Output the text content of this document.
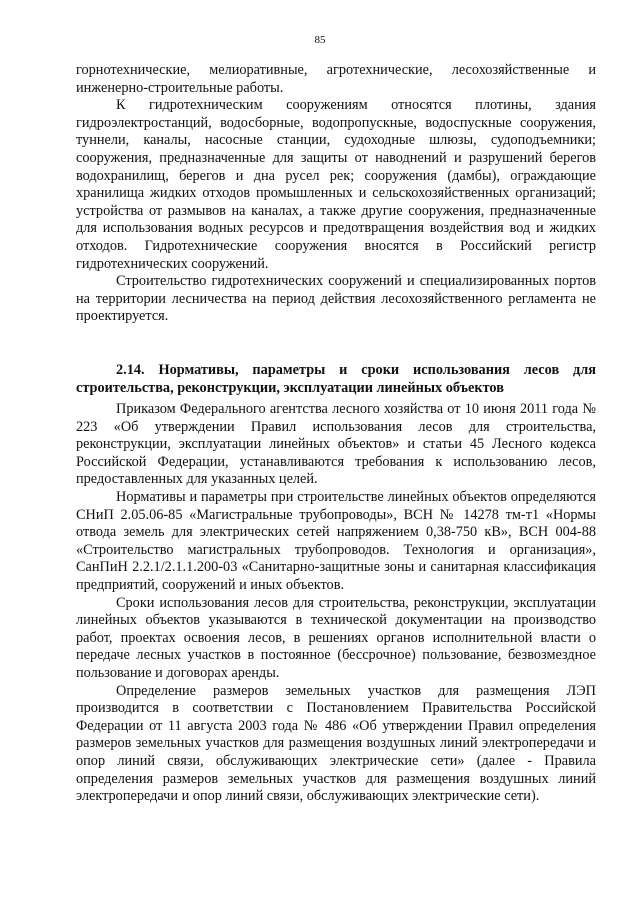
85

горнотехнические, мелиоративные, агротехнические, лесохозяйственные и инженерно-строительные работы.

К гидротехническим сооружениям относятся плотины, здания гидроэлектростанций, водосборные, водопропускные, водоспускные сооружения, туннели, каналы, насосные станции, судоходные шлюзы, судоподъемники; сооружения, предназначенные для защиты от наводнений и разрушений берегов водохранилищ, берегов и дна русел рек; сооружения (дамбы), ограждающие хранилища жидких отходов промышленных и сельскохозяйственных организаций; устройства от размывов на каналах, а также другие сооружения, предназначенные для использования водных ресурсов и предотвращения воздействия вод и жидких отходов. Гидротехнические сооружения вносятся в Российский регистр гидротехнических сооружений.

Строительство гидротехнических сооружений и специализированных портов на территории лесничества на период действия лесохозяйственного регламента не проектируется.

2.14. Нормативы, параметры и сроки использования лесов для строительства, реконструкции, эксплуатации линейных объектов

Приказом Федерального агентства лесного хозяйства от 10 июня 2011 года № 223 «Об утверждении Правил использования лесов для строительства, реконструкции, эксплуатации линейных объектов» и статьи 45 Лесного кодекса Российской Федерации, устанавливаются требования к использованию лесов, предоставленных для указанных целей.

Нормативы и параметры при строительстве линейных объектов определяются СНиП 2.05.06-85 «Магистральные трубопроводы», ВСН № 14278 тм-т1 «Нормы отвода земель для электрических сетей напряжением 0,38-750 кВ», ВСН 004-88 «Строительство магистральных трубопроводов. Технология и организация», СанПиН 2.2.1/2.1.1.200-03 «Санитарно-защитные зоны и санитарная классификация предприятий, сооружений и иных объектов.

Сроки использования лесов для строительства, реконструкции, эксплуатации линейных объектов указываются в технической документации на производство работ, проектах освоения лесов, в решениях органов исполнительной власти о передаче лесных участков в постоянное (бессрочное) пользование, безвозмездное пользование и договорах аренды.

Определение размеров земельных участков для размещения ЛЭП производится в соответствии с Постановлением Правительства Российской Федерации от 11 августа 2003 года № 486 «Об утверждении Правил определения размеров земельных участков для размещения воздушных линий электропередачи и опор линий связи, обслуживающих электрические сети» (далее - Правила определения размеров земельных участков для размещения воздушных линий электропередачи и опор линий связи, обслуживающих электрические сети).
